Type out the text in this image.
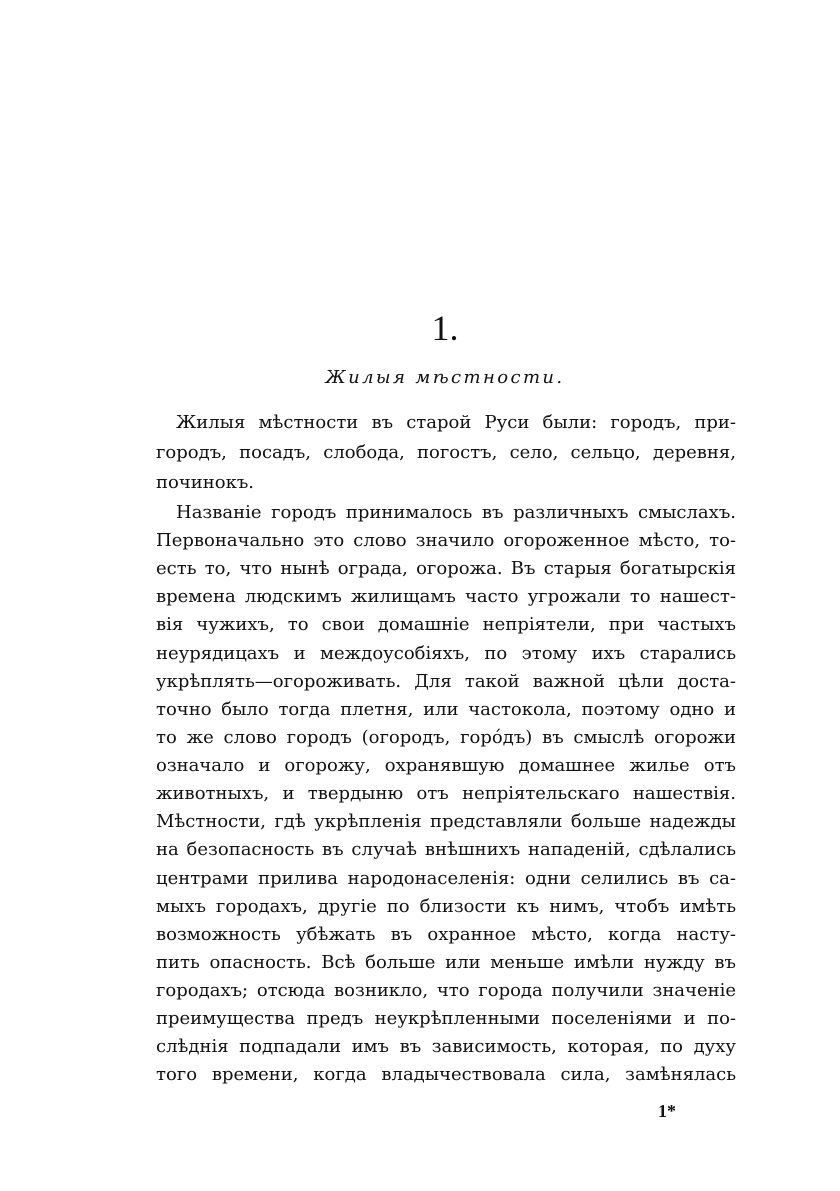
1.
Жилыя мѣстности.
Жилыя мѣстности въ старой Руси были: городъ, при-
городъ, посадъ, слобода, погостъ, село, сельцо, деревня,
починокъ.
Названiе городъ принималось въ различныхъ смыслахъ.
Первоначально это слово значило огороженное мѣсто, то-
есть то, что нынѣ ограда, огорожа. Въ старыя богатырскiя
времена людскимъ жилищамъ часто угрожали то нашест-
вiя чужихъ, то свои домашнiе непрiятели, при частыхъ
неурядицахъ и междоусобiяхъ, по этому ихъ старались
укрѣплять—огороживать. Для такой важной цѣли доста-
точно было тогда плетня, или частокола, поэтому одно и
то же слово городъ (огородъ, горо́дъ) въ смыслѣ огорожи
означало и огорожу, охранявшую домашнее жилье отъ
животныхъ, и твердыню отъ непрiятельскаго нашествiя.
Мѣстности, гдѣ укрѣпленiя представляли больше надежды
на безопасность въ случаѣ внѣшнихъ нападенiй, сдѣлались
центрами прилива народонаселенiя: одни селились въ са-
мыхъ городахъ, другiе по близости къ нимъ, чтобъ имѣть
возможность убѣжать въ охранное мѣсто, когда насту-
пить опасность. Всѣ больше или меньше имѣли нужду въ
городахъ; отсюда возникло, что города получили значенiе
преимущества предъ неукрѣпленными поселенiями и по-
слѣднiя подпадали имъ въ зависимость, которая, по духу
того времени, когда владычествовала сила, замѣнялась
1*
